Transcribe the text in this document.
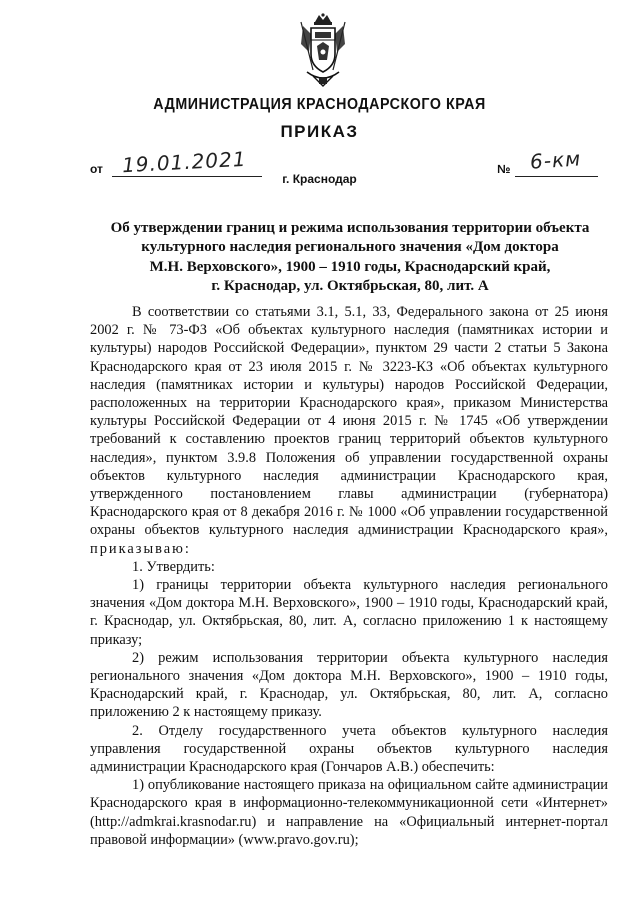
АДМИНИСТРАЦИЯ КРАСНОДАРСКОГО КРАЯ
ПРИКАЗ
от 19.01.2021	№ 6-км
г. Краснодар
Об утверждении границ и режима использования территории объекта
культурного наследия регионального значения «Дом доктора
М.Н. Верховского», 1900 – 1910 годы, Краснодарский край,
г. Краснодар, ул. Октябрьская, 80, лит. А

В соответствии со статьями 3.1, 5.1, 33, Федерального закона от 25 июня 2002 г. № 73-ФЗ «Об объектах культурного наследия (памятниках истории и культуры) народов Российской Федерации», пунктом 29 части 2 статьи 5 Закона Краснодарского края от 23 июля 2015 г. № 3223-КЗ «Об объектах культурного наследия (памятниках истории и культуры) народов Российской Федерации, расположенных на территории Краснодарского края», приказом Министерства культуры Российской Федерации от 4 июня 2015 г. № 1745 «Об утверждении требований к составлению проектов границ территорий объектов культурного наследия», пунктом 3.9.8 Положения об управлении государственной охраны объектов культурного наследия администрации Краснодарского края, утвержденного постановлением главы администрации (губернатора) Краснодарского края от 8 декабря 2016 г. № 1000 «Об управлении государственной охраны объектов культурного наследия администрации Краснодарского края», приказываю:

1. Утвердить:

1) границы территории объекта культурного наследия регионального значения «Дом доктора М.Н. Верховского», 1900 – 1910 годы, Краснодарский край, г. Краснодар, ул. Октябрьская, 80, лит. А, согласно приложению 1 к настоящему приказу;

2) режим использования территории объекта культурного наследия регионального значения «Дом доктора М.Н. Верховского», 1900 – 1910 годы, Краснодарский край, г. Краснодар, ул. Октябрьская, 80, лит. А, согласно приложению 2 к настоящему приказу.

2. Отделу государственного учета объектов культурного наследия управления государственной охраны объектов культурного наследия администрации Краснодарского края (Гончаров А.В.) обеспечить:

1) опубликование настоящего приказа на официальном сайте администрации Краснодарского края в информационно-телекоммуникационной сети «Интернет» (http://admkrai.krasnodar.ru) и направление на «Официальный интернет-портал правовой информации» (www.pravo.gov.ru);
